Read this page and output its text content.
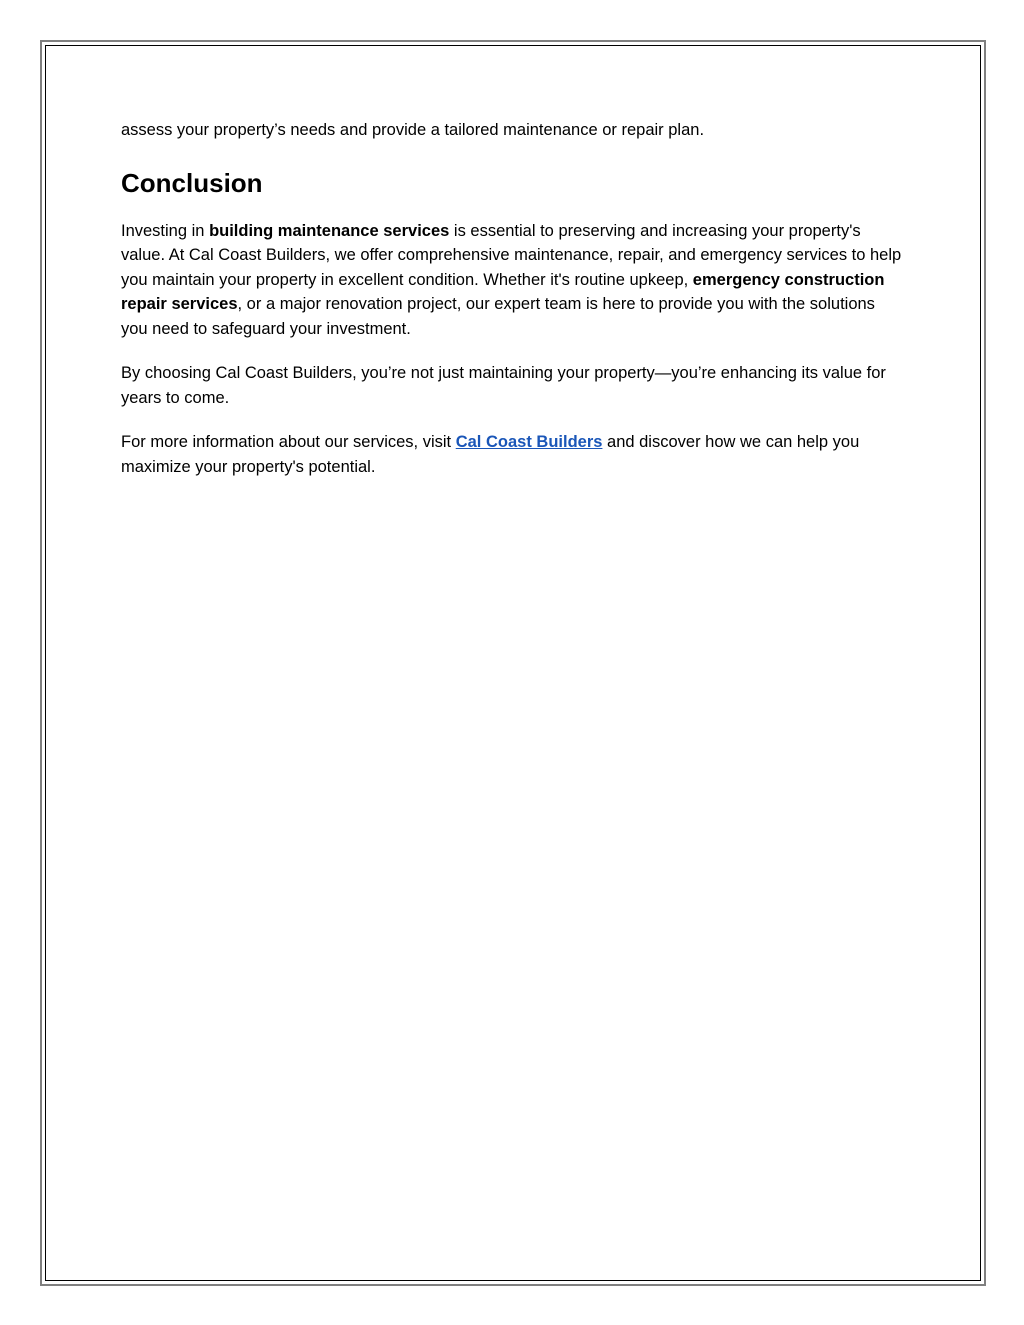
assess your property’s needs and provide a tailored maintenance or repair plan.

Conclusion

Investing in building maintenance services is essential to preserving and increasing your property's value. At Cal Coast Builders, we offer comprehensive maintenance, repair, and emergency services to help you maintain your property in excellent condition. Whether it's routine upkeep, emergency construction repair services, or a major renovation project, our expert team is here to provide you with the solutions you need to safeguard your investment.

By choosing Cal Coast Builders, you’re not just maintaining your property—you’re enhancing its value for years to come.

For more information about our services, visit Cal Coast Builders and discover how we can help you maximize your property's potential.
